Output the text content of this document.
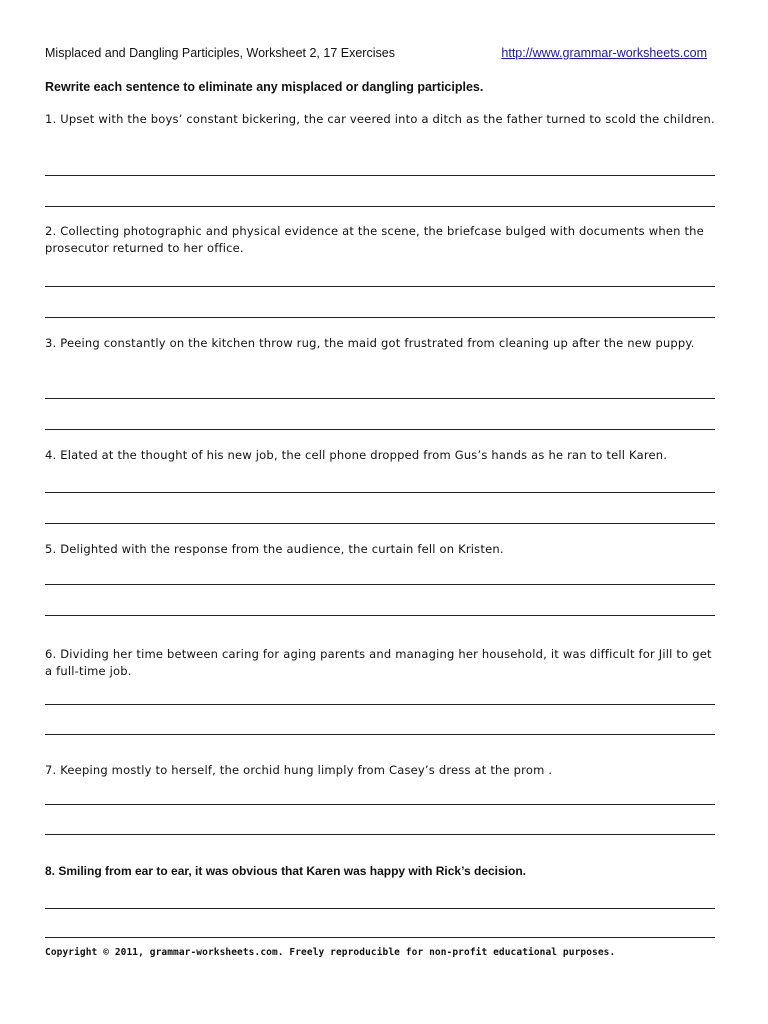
Misplaced and Dangling Participles, Worksheet 2, 17 Exercises	http://www.grammar-worksheets.com
Rewrite each sentence to eliminate any misplaced or dangling participles.
1. Upset with the boys’ constant bickering, the car veered into a ditch as the father turned to scold the children.
2. Collecting photographic and physical evidence at the scene, the briefcase bulged with documents when the prosecutor returned to her office.
3. Peeing constantly on the kitchen throw rug, the maid got frustrated from cleaning up after the new puppy.
4. Elated at the thought of his new job, the cell phone dropped from Gus’s hands as he ran to tell Karen.
5. Delighted with the response from the audience, the curtain fell on Kristen.
6. Dividing her time between caring for aging parents and managing her household, it was difficult for Jill to get a full-time job.
7. Keeping mostly to herself, the orchid hung limply from Casey’s dress at the prom .
8. Smiling from ear to ear, it was obvious that Karen was happy with Rick’s decision.
Copyright © 2011, grammar-worksheets.com. Freely reproducible for non-profit educational purposes.
